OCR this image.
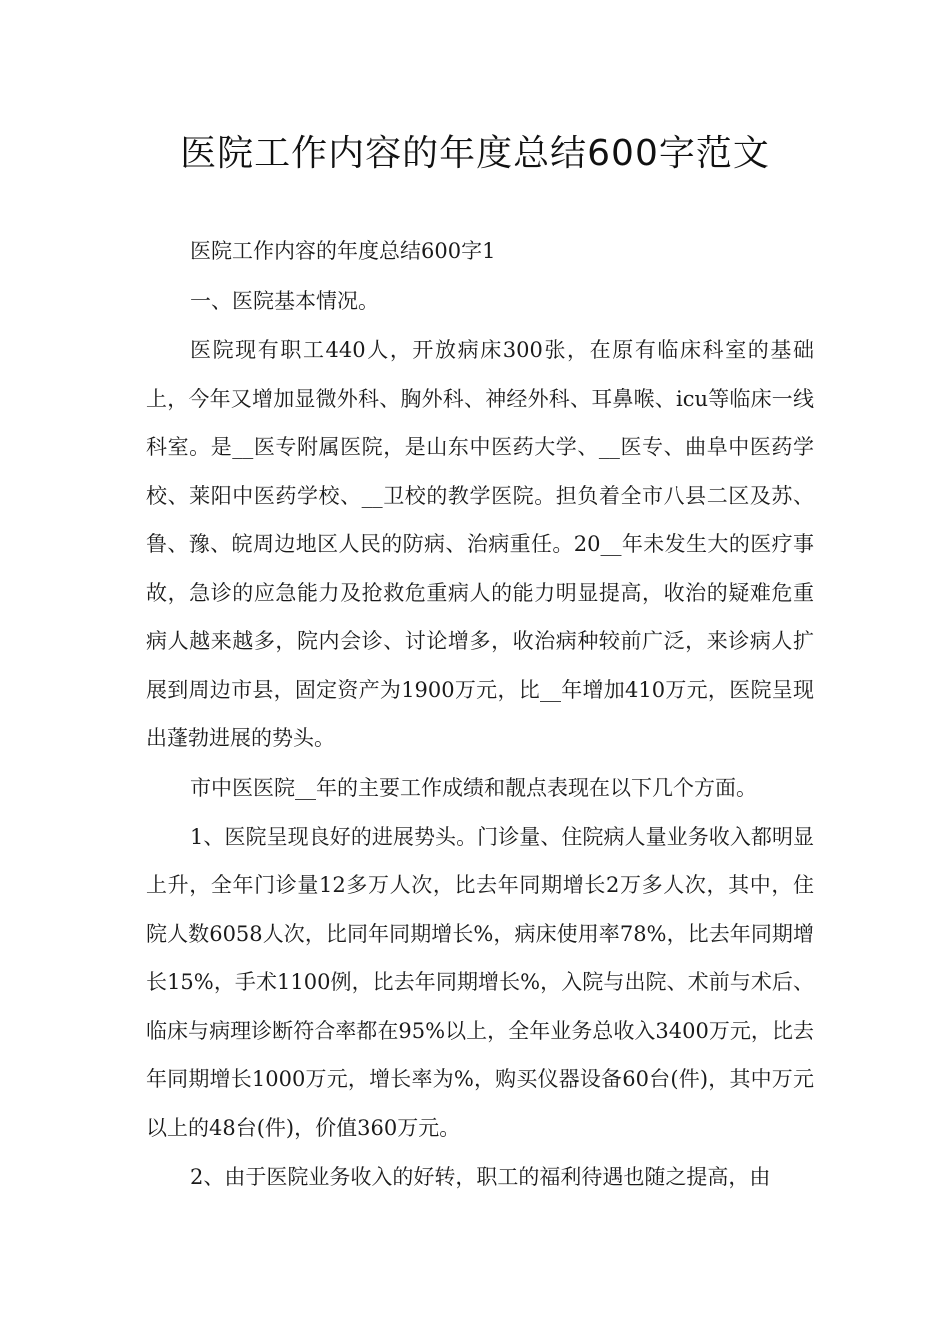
医院工作内容的年度总结600字范文

医院工作内容的年度总结600字1

一、医院基本情况。

医院现有职工440人，开放病床300张，在原有临床科室的基础上，今年又增加显微外科、胸外科、神经外科、耳鼻喉、icu等临床一线科室。是__医专附属医院，是山东中医药大学、__医专、曲阜中医药学校、莱阳中医药学校、__卫校的教学医院。担负着全市八县二区及苏、鲁、豫、皖周边地区人民的防病、治病重任。20__年未发生大的医疗事故，急诊的应急能力及抢救危重病人的能力明显提高，收治的疑难危重病人越来越多，院内会诊、讨论增多，收治病种较前广泛，来诊病人扩展到周边市县，固定资产为1900万元，比__年增加410万元，医院呈现出蓬勃进展的势头。

市中医医院__年的主要工作成绩和靓点表现在以下几个方面。

1、医院呈现良好的进展势头。门诊量、住院病人量业务收入都明显上升，全年门诊量12多万人次，比去年同期增长2万多人次，其中，住院人数6058人次，比同年同期增长%，病床使用率78%，比去年同期增长15%，手术1100例，比去年同期增长%，入院与出院、术前与术后、临床与病理诊断符合率都在95%以上，全年业务总收入3400万元，比去年同期增长1000万元，增长率为%，购买仪器设备60台(件)，其中万元以上的48台(件)，价值360万元。

2、由于医院业务收入的好转，职工的福利待遇也随之提高，由
